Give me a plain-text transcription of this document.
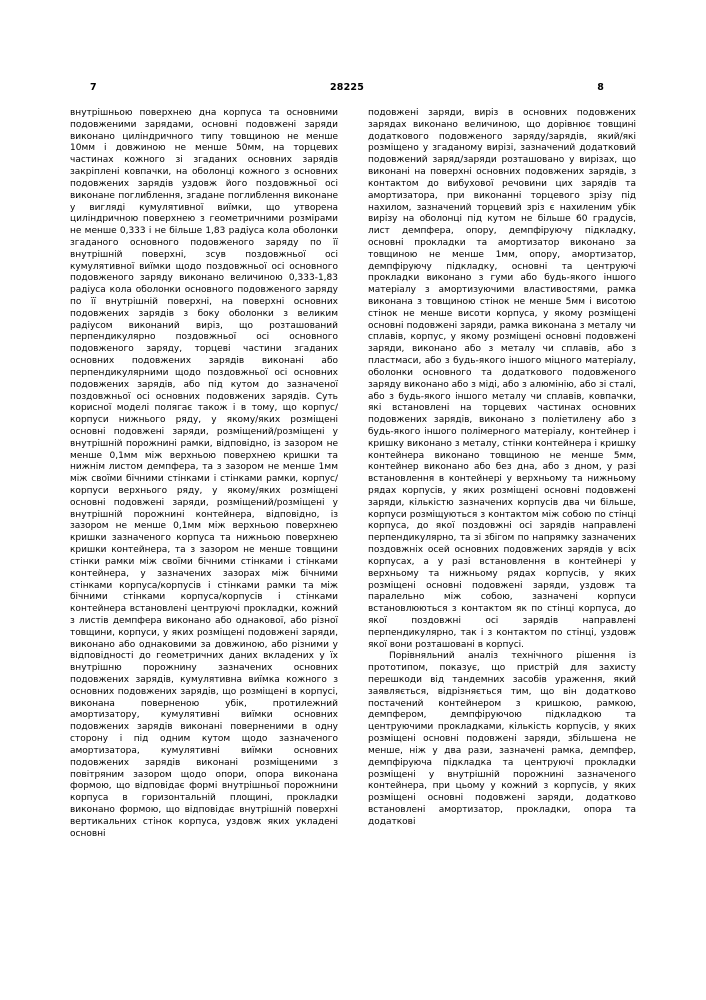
7	28225	8

внутрішньою поверхнею дна корпуса та основними подовженими зарядами, основні подовжені заряди виконано циліндричного типу товщиною не менше 10мм і довжиною не менше 50мм, на торцевих частинах кожного зі згаданих основних зарядів закріплені ковпачки, на оболонці кожного з основних подовжених зарядів уздовж його поздовжньої осі виконане поглиблення, згадане поглиблення виконане у вигляді кумулятивної виїмки, що утворена циліндричною поверхнею з геометричними розмірами не менше 0,333 і не більше 1,83 радіуса кола оболонки згаданого основного подовженого заряду по її внутрішній поверхні, зсув поздовжньої осі кумулятивної виїмки щодо поздовжньої осі основного подовженого заряду виконано величиною 0,333-1,83 радіуса кола оболонки основного подовженого заряду по її внутрішній поверхні, на поверхні основних подовжених зарядів з боку оболонки з великим радіусом виконаний виріз, що розташований перпендикулярно поздовжньої осі основного подовженого заряду, торцеві частини згаданих основних подовжених зарядів виконані або перпендикулярними щодо поздовжньої осі основних подовжених зарядів, або під кутом до зазначеної поздовжньої осі основних подовжених зарядів. Суть корисної моделі полягає також і в тому, що корпус/корпуси нижнього ряду, у якому/яких розміщені основні подовжені заряди, розміщений/розміщені у внутрішній порожнині рамки, відповідно, із зазором не менше 0,1мм між верхньою поверхнею кришки та нижнім листом демпфера, та з зазором не менше 1мм між своїми бічними стінками і стінками рамки, корпус/корпуси верхнього ряду, у якому/яких розміщені основні подовжені заряди, розміщений/розміщені у внутрішній порожнині контейнера, відповідно, із зазором не менше 0,1мм між верхньою поверхнею кришки зазначеного корпуса та нижньою поверхнею кришки контейнера, та з зазором не менше товщини стінки рамки між своїми бічними стінками і стінками контейнера, у зазначених зазорах між бічними стінками корпуса/корпусів і стінками рамки та між бічними стінками корпуса/корпусів і стінками контейнера встановлені центруючі прокладки, кожний з листів демпфера виконано або однакової, або різної товщини, корпуси, у яких розміщені подовжені заряди, виконано або однаковими за довжиною, або різними у відповідності до геометричних даних вкладених у їх внутрішню порожнину зазначених основних подовжених зарядів, кумулятивна виїмка кожного з основних подовжених зарядів, що розміщені в корпусі, виконана поверненою убік, протилежний амортизатору, кумулятивні виїмки основних подовжених зарядів виконані поверненими в одну сторону і під одним кутом щодо зазначеного амортизатора, кумулятивні виїмки основних подовжених зарядів виконані розміщеними з повітряним зазором щодо опори, опора виконана формою, що відповідає формі внутрішньої порожнини корпуса в горизонтальній площині, прокладки виконано формою, що відповідає внутрішній поверхні вертикальних стінок корпуса, уздовж яких укладені основні

подовжені заряди, виріз в основних подовжених зарядах виконано величиною, що дорівнює товщині додаткового подовженого заряду/зарядів, який/які розміщено у згаданому вирізі, зазначений додатковий подовжений заряд/заряди розташовано у вирізах, що виконані на поверхні основних подовжених зарядів, з контактом до вибухової речовини цих зарядів та амортизатора, при виконанні торцевого зрізу під нахилом, зазначений торцевий зріз є нахиленим убік вирізу на оболонці під кутом не більше 60 градусів, лист демпфера, опору, демпфіруючу підкладку, основні прокладки та амортизатор виконано за товщиною не менше 1мм, опору, амортизатор, демпфіруючу підкладку, основні та центруючі прокладки виконано з гуми або будь-якого іншого матеріалу з амортизуючими властивостями, рамка виконана з товщиною стінок не менше 5мм і висотою стінок не менше висоти корпуса, у якому розміщені основні подовжені заряди, рамка виконана з металу чи сплавів, корпус, у якому розміщені основні подовжені заряди, виконано або з металу чи сплавів, або з пластмаси, або з будь-якого іншого міцного матеріалу, оболонки основного та додаткового подовженого заряду виконано або з міді, або з алюмінію, або зі сталі, або з будь-якого іншого металу чи сплавів, ковпачки, які встановлені на торцевих частинах основних подовжених зарядів, виконано з поліетилену або з будь-якого іншого полімерного матеріалу, контейнер і кришку виконано з металу, стінки контейнера і кришку контейнера виконано товщиною не менше 5мм, контейнер виконано або без дна, або з дном, у разі встановлення в контейнері у верхньому та нижньому рядах корпусів, у яких розміщені основні подовжені заряди, кількістю зазначених корпусів два чи більше, корпуси розміщуються з контактом між собою по стінці корпуса, до якої поздовжні осі зарядів направлені перпендикулярно, та зі збігом по напрямку зазначених поздовжніх осей основних подовжених зарядів у всіх корпусах, а у разі встановлення в контейнері у верхньому та нижньому рядах корпусів, у яких розміщені основні подовжені заряди, уздовж та паралельно між собою, зазначені корпуси встановлюються з контактом як по стінці корпуса, до якої поздовжні осі зарядів направлені перпендикулярно, так і з контактом по стінці, уздовж якої вони розташовані в корпусі.

Порівняльний аналіз технічного рішення із прототипом, показує, що пристрій для захисту перешкоди від тандемних засобів ураження, який заявляється, відрізняється тим, що він додатково постачений контейнером з кришкою, рамкою, демпфером, демпфіруючою підкладкою та центруючими прокладками, кількість корпусів, у яких розміщені основні подовжені заряди, збільшена не менше, ніж у два рази, зазначені рамка, демпфер, демпфіруюча підкладка та центруючі прокладки розміщені у внутрішній порожнині зазначеного контейнера, при цьому у кожний з корпусів, у яких розміщені основні подовжені заряди, додатково встановлені амортизатор, прокладки, опора та додаткові
